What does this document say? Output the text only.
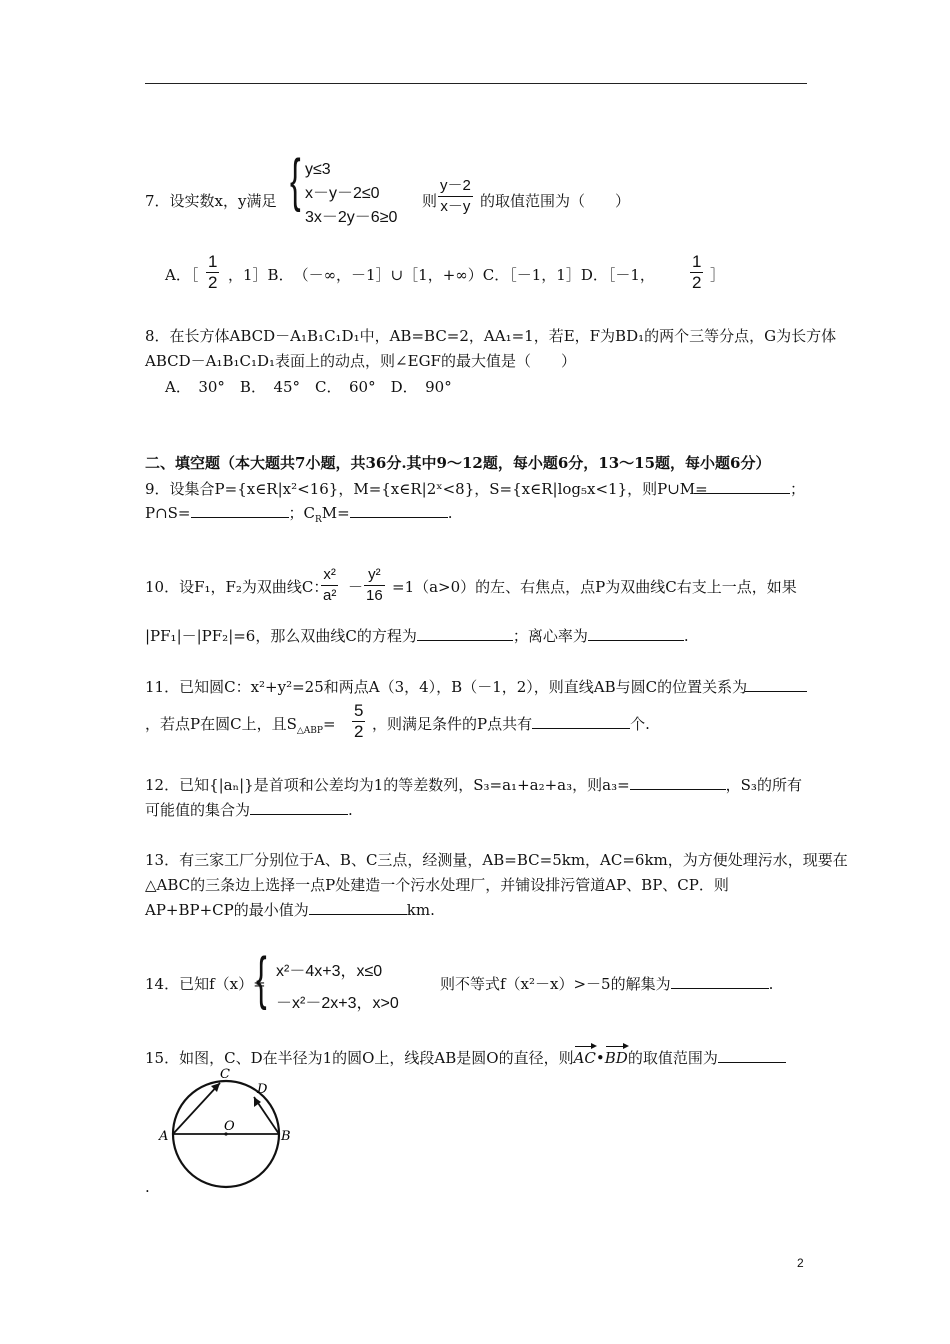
7．设实数x，y满足 { y≤3
x－y－2≤0
3x－2y－6≥0
则 $\frac{y-2}{x-y}$ 的取值范围为（　　）
A．［ $\frac{1}{2}$ ，1］B．　（－∞，－1］∪［1，+∞）C．［－1，1］D．［－1， $\frac{1}{2}$ ］
8．在长方体ABCD－A₁B₁C₁D₁中，AB=BC=2，AA₁=1，若E，F为BD₁的两个三等分点，G为长方体
ABCD－A₁B₁C₁D₁表面上的动点，则∠EGF的最大值是（　　）
A．　30°　B．　45°　C．　60°　D．　90°
二、填空题（本大题共7小题，共36分.其中9～12题，每小题6分，13～15题，每小题6分）
9．设集合P={x∈R|x²<16}，M={x∈R|2ˣ<8}，S={x∈R|log₅x<1}，则P∪M=	；
P∩S=	；$C_RM=$	.
10．设F₁，F₂为双曲线C：
$\frac{\text{x²}}{\text{a²}} - \frac{\text{y²}}{16} =1(a>0)$的左、右焦点，点P为双曲线C右支上一点，如果
|PF₁|－|PF₂|=6，那么双曲线C的方程为	；离心率为	.
11．已知圆C：x²+y²=25和两点A（3，4），B（－1，2），则直线AB与圆C的位置关系为
，若点P在圆C上，且$S_{\triangle ABP}= \frac{5}{2}$ ，则满足条件的P点共有	个.
12．已知{|aₙ|}是首项和公差均为1的等差数列，S₃=a₁+a₂+a₃，则a₃=	，S₃的所有
可能值的集合为	.
13．有三家工厂分别位于A、B、C三点，经测量，AB=BC=5km，AC=6km，为方便处理污水，现要在
△ABC的三条边上选择一点P处建造一个污水处理厂，并铺设排污管道AP、BP、CP．则
AP+BP+CP的最小值为	km.
14．已知f（x）=
{ x²－4x+3，x≤0
－x²－2x+3，x>0
则不等式f（x²－x）>－5的解集为	.
15．如图，C、D在半径为1的圆O上，线段AB是圆O的直径，则AC•BD的取值范围为
A	B
C
D
O
.
2
